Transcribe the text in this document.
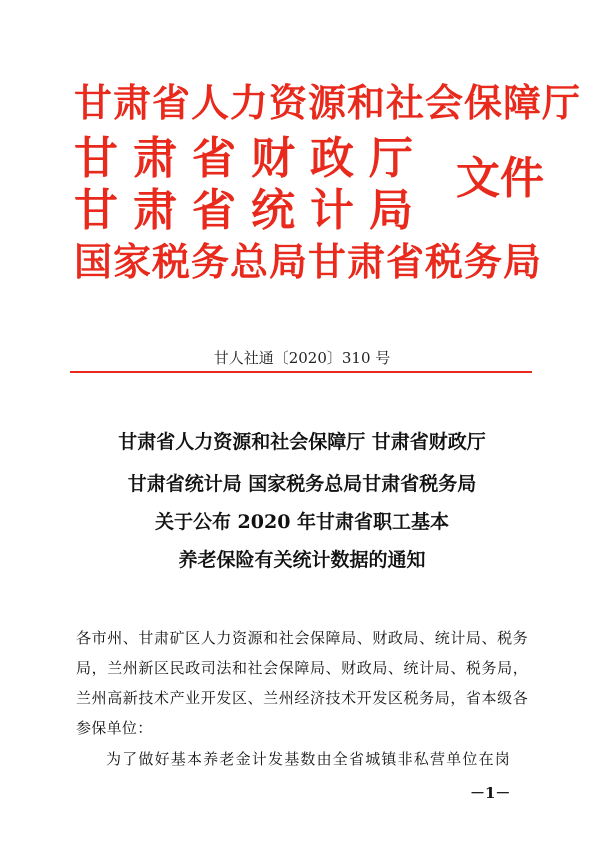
甘肃省人力资源和社会保障厅
甘肃省财政厅
甘肃省统计局
国家税务总局甘肃省税务局
文件
甘人社通〔2020〕310 号
甘肃省人力资源和社会保障厅 甘肃省财政厅
甘肃省统计局 国家税务总局甘肃省税务局
关于公布 2020 年甘肃省职工基本
养老保险有关统计数据的通知
各市州、甘肃矿区人力资源和社会保障局、财政局、统计局、税务局，兰州新区民政司法和社会保障局、财政局、统计局、税务局，兰州高新技术产业开发区、兰州经济技术开发区税务局，省本级各参保单位：
为了做好基本养老金计发基数由全省城镇非私营单位在岗
－1－
